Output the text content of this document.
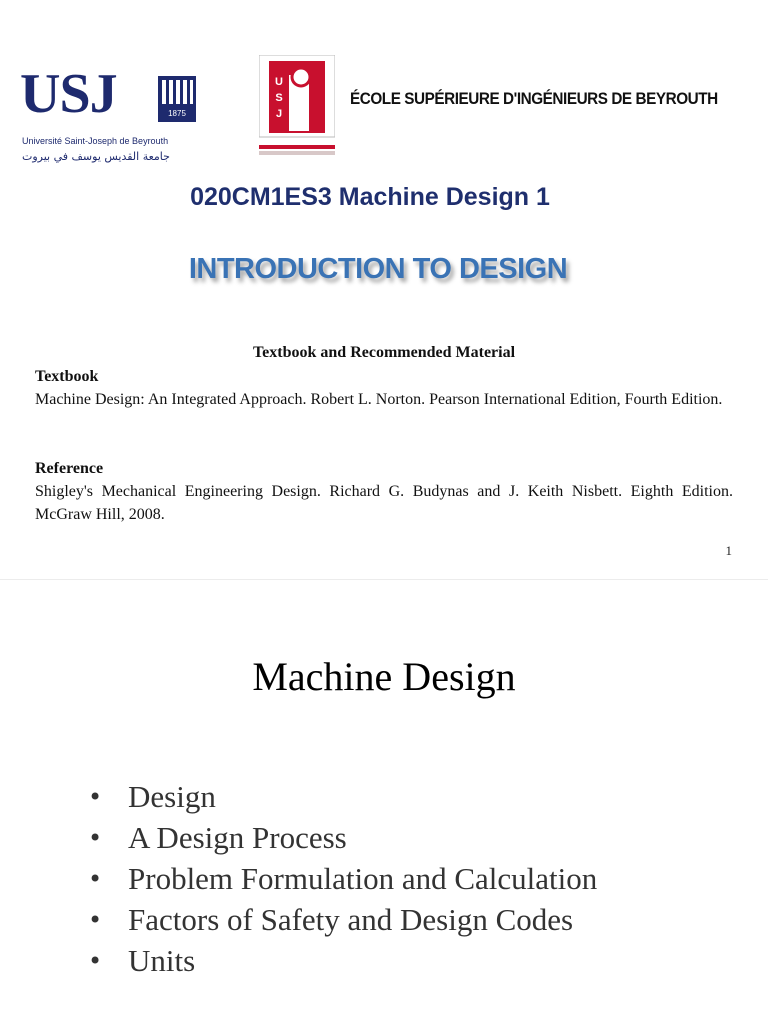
USJ	1875
Université Saint-Joseph de Beyrouth
جامعة القديس يوسف في بيروت
U
S
J
ÉCOLE SUPÉRIEURE D'INGÉNIEURS DE BEYROUTH
020CM1ES3 Machine Design 1
INTRODUCTION TO DESIGN
Textbook and Recommended Material
Textbook
Machine Design: An Integrated Approach. Robert L. Norton. Pearson International Edition, Fourth Edition.
Reference
Shigley's Mechanical Engineering Design. Richard G. Budynas and J. Keith Nisbett. Eighth Edition. McGraw Hill, 2008.
1
Machine Design
• Design
• A Design Process
• Problem Formulation and Calculation
• Factors of Safety and Design Codes
• Units
